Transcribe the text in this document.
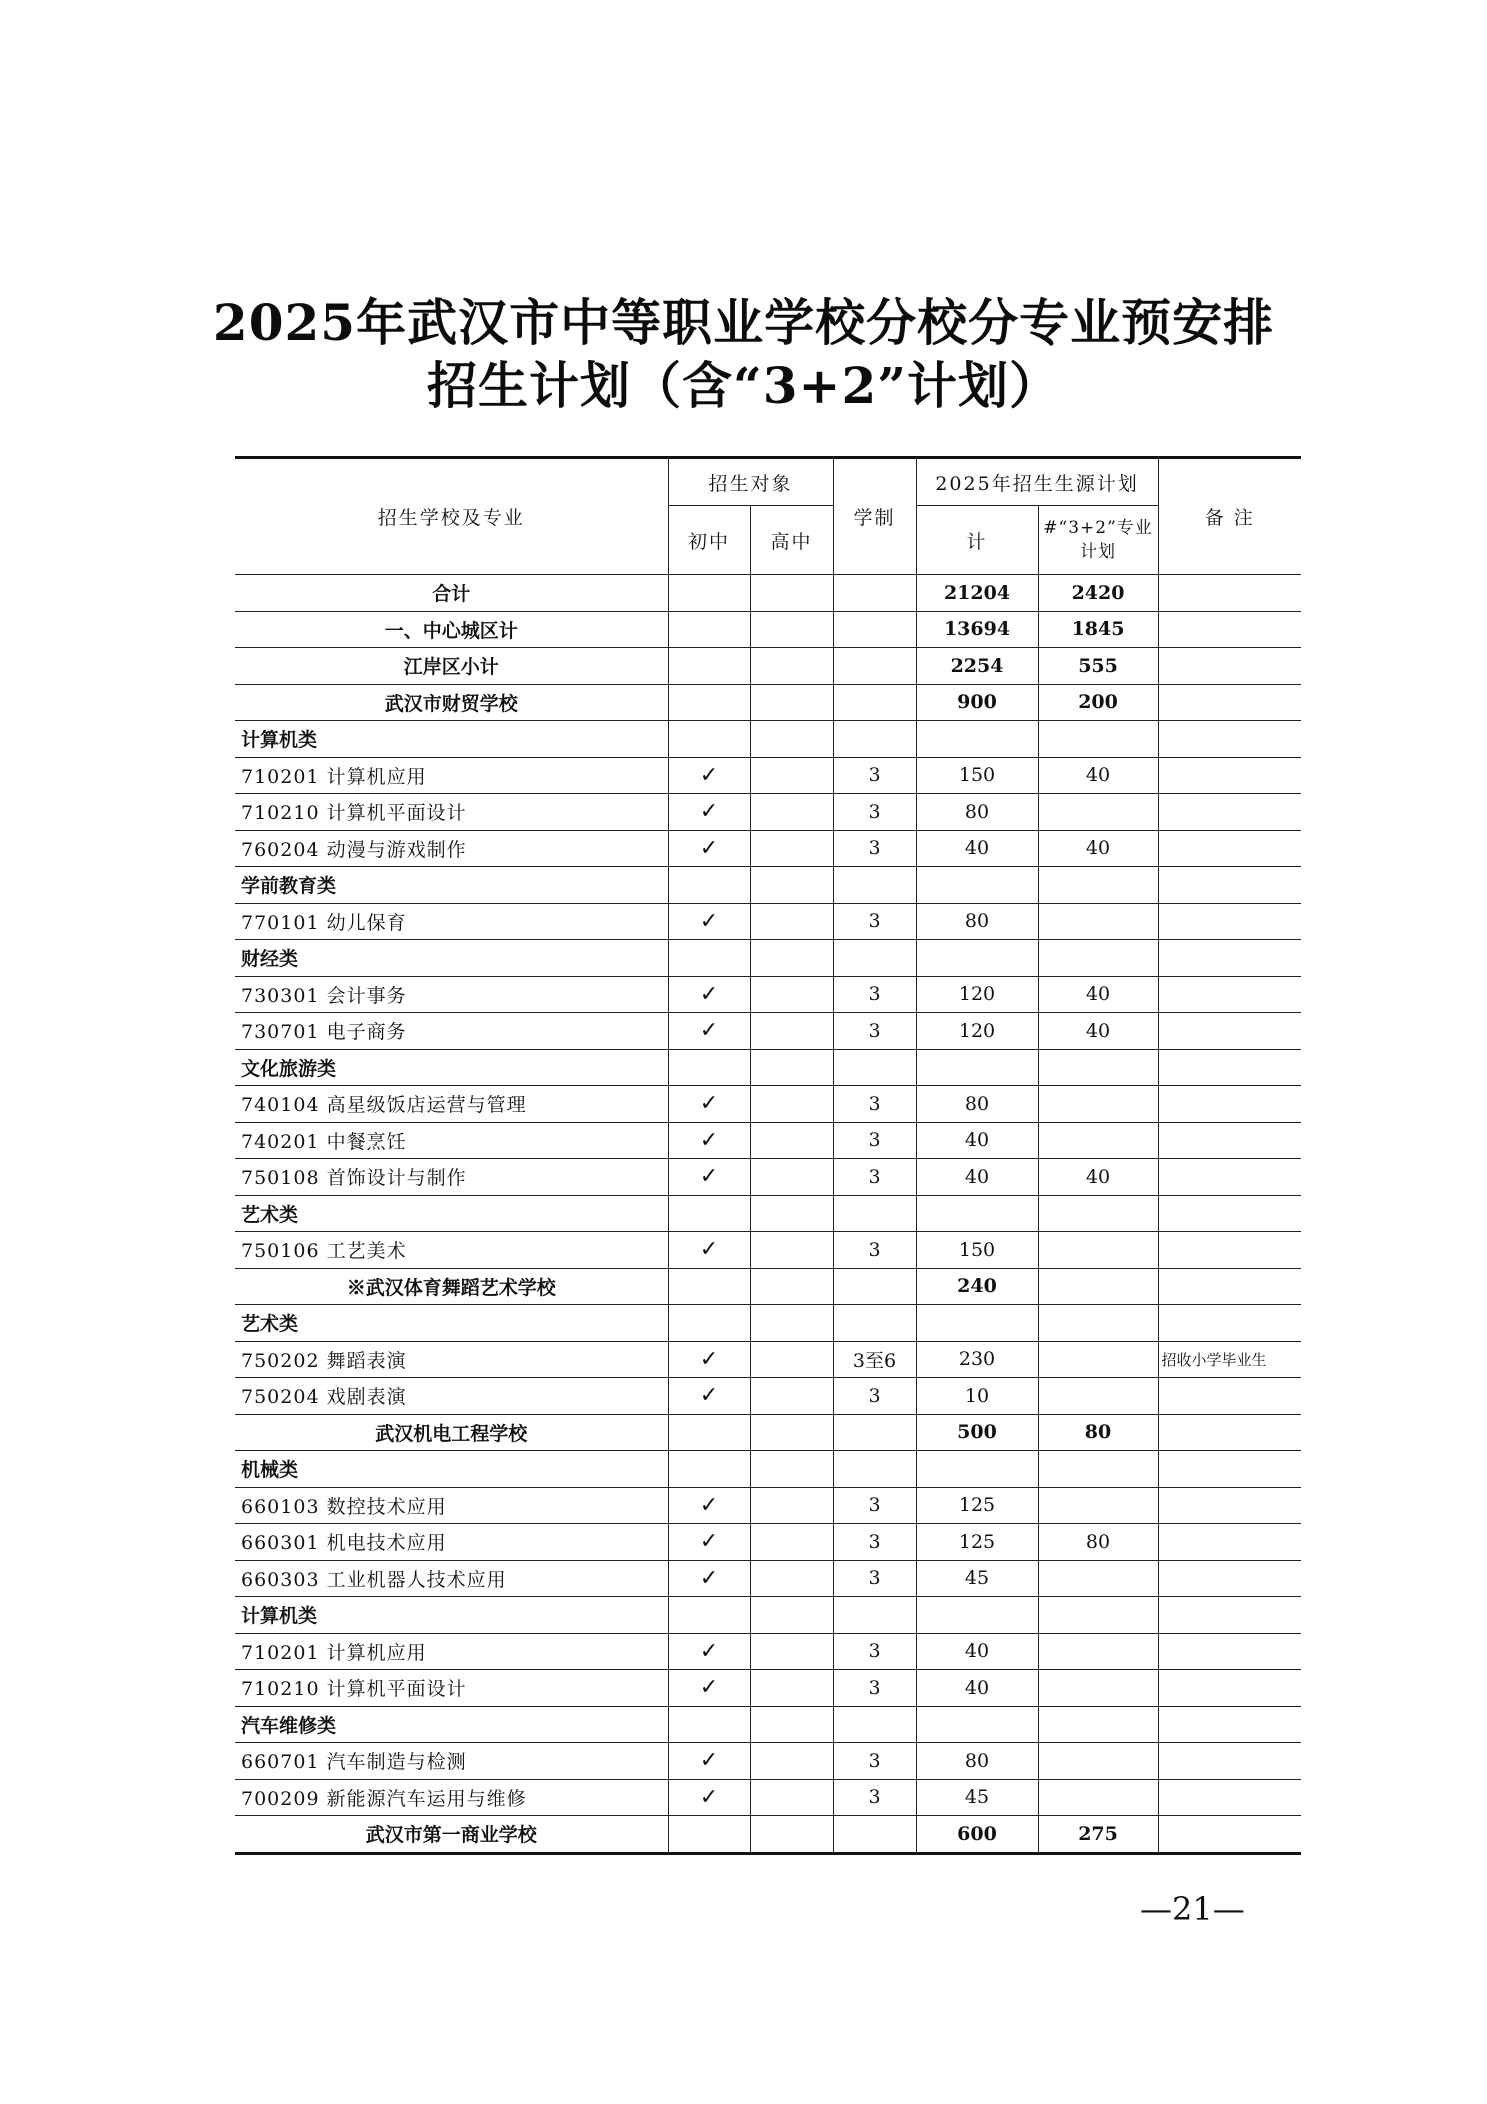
2025年武汉市中等职业学校分校分专业预安排
招生计划（含“3+2”计划）
招生学校及专业	招生对象		学制	2025年招生生源计划		备 注
	初中	高中		计	#“3+2”专业
计划	

合计				21204	2420	
一、中心城区计				13694	1845	
江岸区小计				2254	555	
武汉市财贸学校				900	200	
计算机类						
710201 计算机应用	✓		3	150	40	
710210 计算机平面设计	✓		3	80		
760204 动漫与游戏制作	✓		3	40	40	
学前教育类						
770101 幼儿保育	✓		3	80		
财经类						
730301 会计事务	✓		3	120	40	
730701 电子商务	✓		3	120	40	
文化旅游类						
740104 高星级饭店运营与管理	✓		3	80		
740201 中餐烹饪	✓		3	40		
750108 首饰设计与制作	✓		3	40	40	
艺术类						
750106 工艺美术	✓		3	150		
※武汉体育舞蹈艺术学校				240		
艺术类						
750202 舞蹈表演	✓		3至6	230		招收小学毕业生
750204 戏剧表演	✓		3	10		
武汉机电工程学校				500	80	
机械类						
660103 数控技术应用	✓		3	125		
660301 机电技术应用	✓		3	125	80	
660303 工业机器人技术应用	✓		3	45		
计算机类						
710201 计算机应用	✓		3	40		
710210 计算机平面设计	✓		3	40		
汽车维修类						
660701 汽车制造与检测	✓		3	80		
700209 新能源汽车运用与维修	✓		3	45		
武汉市第一商业学校				600	275	
—21—
